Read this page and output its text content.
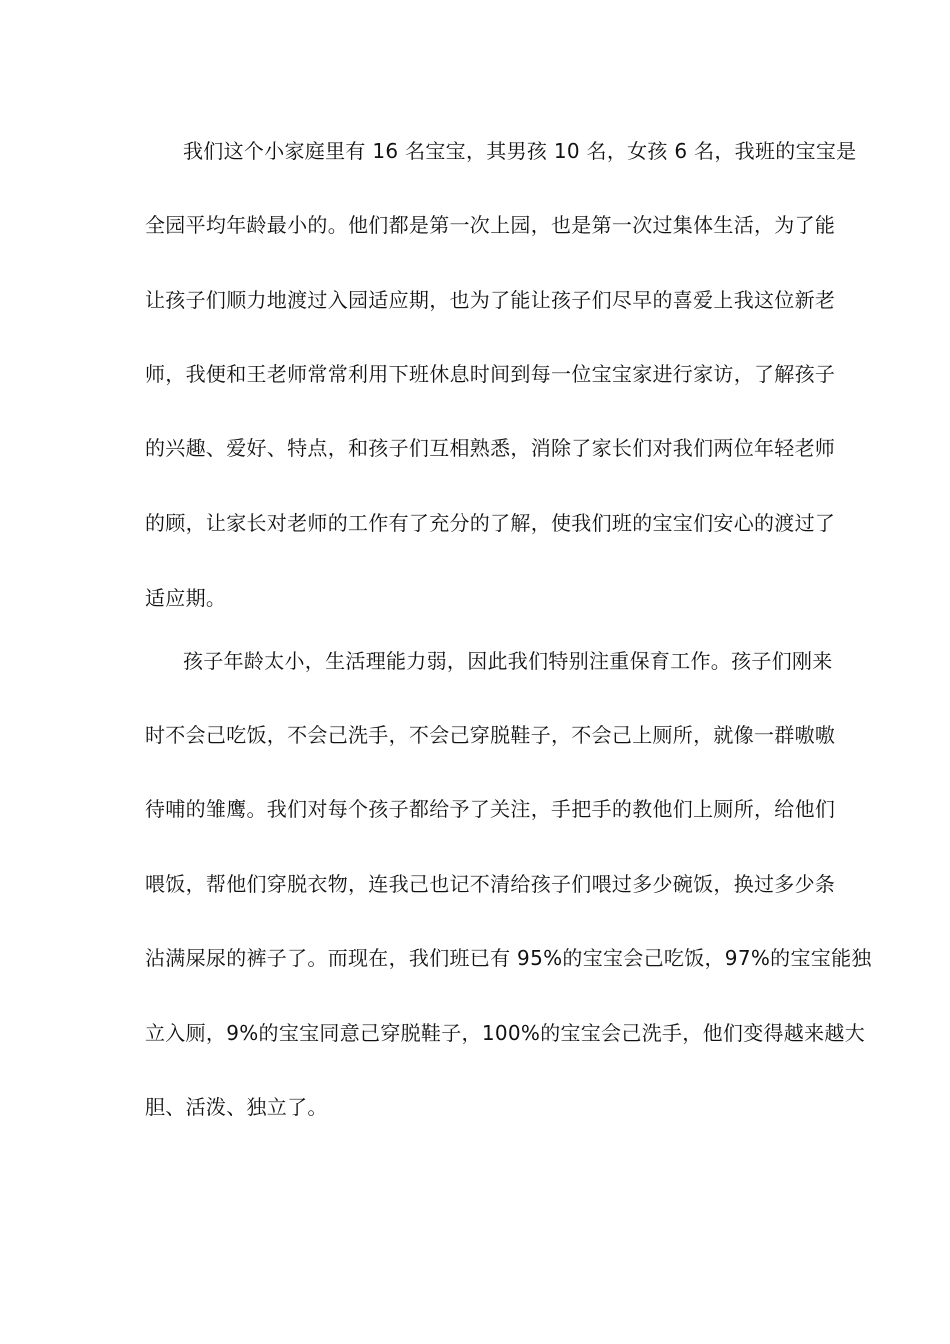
我们这个小家庭里有 16 名宝宝，其男孩 10 名，女孩 6 名，我班的宝宝是
全园平均年龄最小的。他们都是第一次上园，也是第一次过集体生活，为了能
让孩子们顺力地渡过入园适应期，也为了能让孩子们尽早的喜爱上我这位新老
师，我便和王老师常常利用下班休息时间到每一位宝宝家进行家访，了解孩子
的兴趣、爱好、特点，和孩子们互相熟悉，消除了家长们对我们两位年轻老师
的顾，让家长对老师的工作有了充分的了解，使我们班的宝宝们安心的渡过了
适应期。
孩子年龄太小，生活理能力弱，因此我们特别注重保育工作。孩子们刚来
时不会己吃饭，不会己洗手，不会己穿脱鞋子，不会己上厕所，就像一群嗷嗷
待哺的雏鹰。我们对每个孩子都给予了关注，手把手的教他们上厕所，给他们
喂饭，帮他们穿脱衣物，连我己也记不清给孩子们喂过多少碗饭，换过多少条
沾满屎尿的裤子了。而现在，我们班已有 95%的宝宝会己吃饭，97%的宝宝能独
立入厕，9%的宝宝同意己穿脱鞋子，100%的宝宝会己洗手，他们变得越来越大
胆、活泼、独立了。
